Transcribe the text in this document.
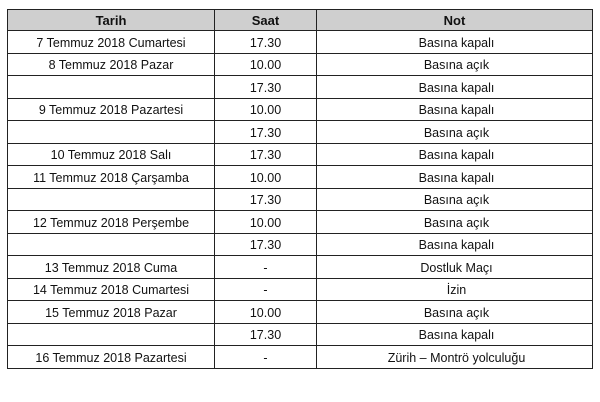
Tarih	Saat	Not

7 Temmuz 2018 Cumartesi	17.30	Basına kapalı

8 Temmuz 2018 Pazar	10.00	Basına açık

	17.30	Basına kapalı

9 Temmuz 2018 Pazartesi	10.00	Basına kapalı

	17.30	Basına açık

10 Temmuz 2018 Salı	17.30	Basına kapalı

11 Temmuz 2018 Çarşamba	10.00	Basına kapalı

	17.30	Basına açık

12 Temmuz 2018 Perşembe	10.00	Basına açık

	17.30	Basına kapalı

13 Temmuz 2018 Cuma	-	Dostluk Maçı

14 Temmuz 2018 Cumartesi	-	İzin

15 Temmuz 2018 Pazar	10.00	Basına açık

	17.30	Basına kapalı

16 Temmuz 2018 Pazartesi	-	Zürih – Montrö yolculuğu
